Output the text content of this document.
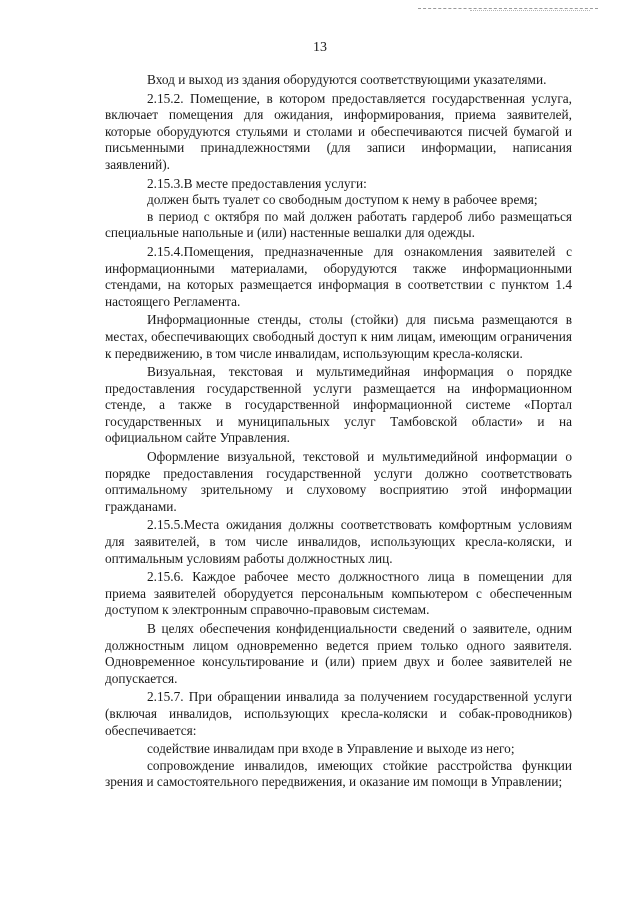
13

Вход и выход из здания оборудуются соответствующими указателями.

2.15.2. Помещение, в котором предоставляется государственная услуга, включает помещения для ожидания, информирования, приема заявителей, которые оборудуются стульями и столами и обеспечиваются писчей бумагой и письменными принадлежностями (для записи информации, написания заявлений).

2.15.3.В месте предоставления услуги:

должен быть туалет со свободным доступом к нему в рабочее время;

в период с октября по май должен работать гардероб либо размещаться специальные напольные и (или) настенные вешалки для одежды.

2.15.4.Помещения, предназначенные для ознакомления заявителей с информационными материалами, оборудуются также информационными стендами, на которых размещается информация в соответствии с пунктом 1.4 настоящего Регламента.

Информационные стенды, столы (стойки) для письма размещаются в местах, обеспечивающих свободный доступ к ним лицам, имеющим ограничения к передвижению, в том числе инвалидам, использующим кресла-коляски.

Визуальная, текстовая и мультимедийная информация о порядке предоставления государственной услуги размещается на информационном стенде, а также в государственной информационной системе «Портал государственных и муниципальных услуг Тамбовской области» и на официальном сайте Управления.

Оформление визуальной, текстовой и мультимедийной информации о порядке предоставления государственной услуги должно соответствовать оптимальному зрительному и слуховому восприятию этой информации гражданами.

2.15.5.Места ожидания должны соответствовать комфортным условиям для заявителей, в том числе инвалидов, использующих кресла-коляски, и оптимальным условиям работы должностных лиц.

2.15.6. Каждое рабочее место должностного лица в помещении для приема заявителей оборудуется персональным компьютером с обеспеченным доступом к электронным справочно-правовым системам.

В целях обеспечения конфиденциальности сведений о заявителе, одним должностным лицом одновременно ведется прием только одного заявителя. Одновременное консультирование и (или) прием двух и более заявителей не допускается.

2.15.7. При обращении инвалида за получением государственной услуги (включая инвалидов, использующих кресла-коляски и собак-проводников) обеспечивается:

содействие инвалидам при входе в Управление и выходе из него;

сопровождение инвалидов, имеющих стойкие расстройства функции зрения и самостоятельного передвижения, и оказание им помощи в Управлении;
